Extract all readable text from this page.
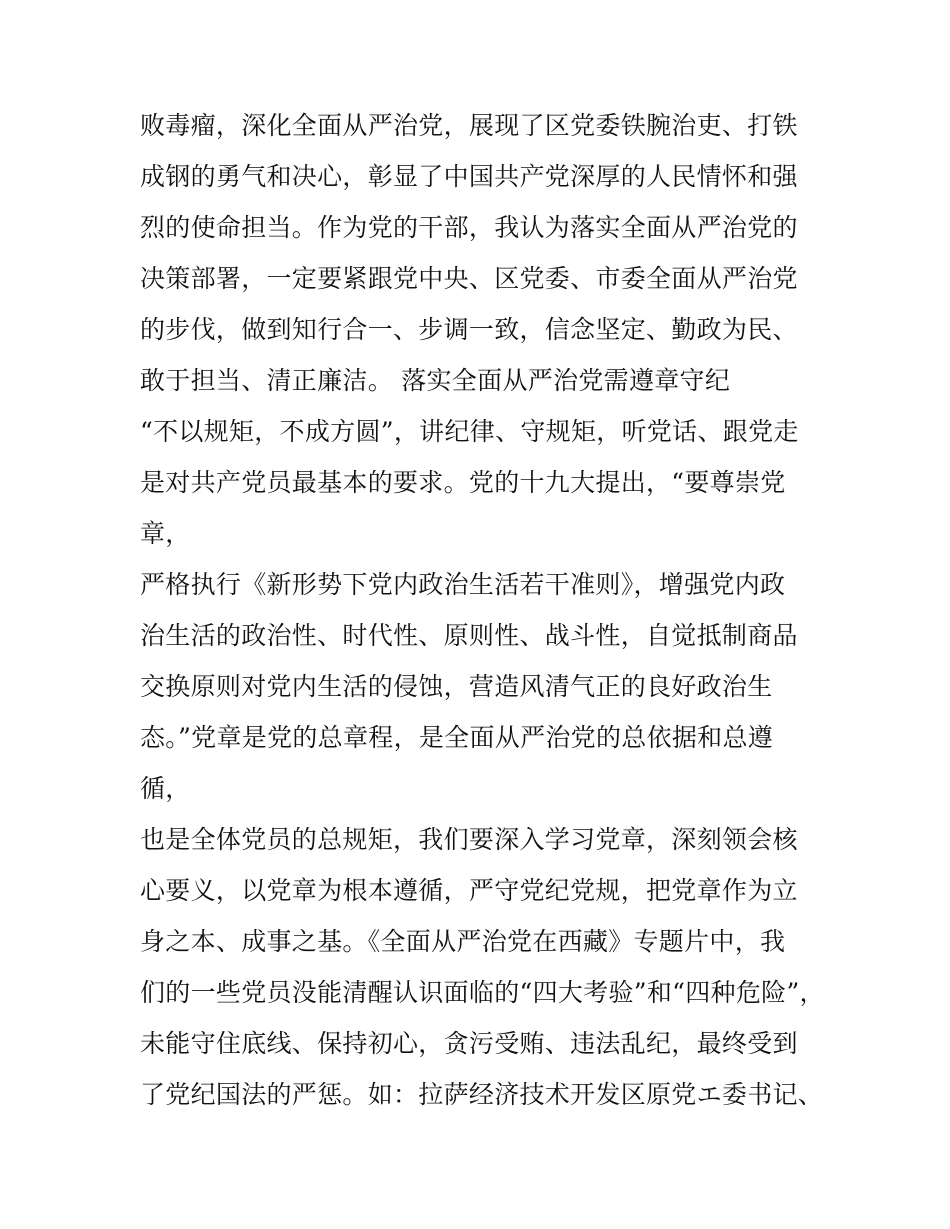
败毒瘤，深化全面从严治党，展现了区党委铁腕治吏、打铁
成钢的勇气和决心，彰显了中国共产党深厚的人民情怀和强
烈的使命担当。作为党的干部，我认为落实全面从严治党的
决策部署，一定要紧跟党中央、区党委、市委全面从严治党
的步伐，做到知行合一、步调一致，信念坚定、勤政为民、
敢于担当、清正廉洁。 落实全面从严治党需遵章守纪
“不以规矩，不成方圆”，讲纪律、守规矩，听党话、跟党走
是对共产党员最基本的要求。党的十九大提出，“要尊崇党
章，
严格执行《新形势下党内政治生活若干准则》，增强党内政
治生活的政治性、时代性、原则性、战斗性，自觉抵制商品
交换原则对党内生活的侵蚀，营造风清气正的良好政治生
态。”党章是党的总章程，是全面从严治党的总依据和总遵
循，
也是全体党员的总规矩，我们要深入学习党章，深刻领会核
心要义，以党章为根本遵循，严守党纪党规，把党章作为立
身之本、成事之基。《全面从严治党在西藏》专题片中，我
们的一些党员没能清醒认识面临的“四大考验”和“四种危险”，
未能守住底线、保持初心，贪污受贿、违法乱纪，最终受到
了党纪国法的严惩。如：拉萨经济技术开发区原党エ委书记、
